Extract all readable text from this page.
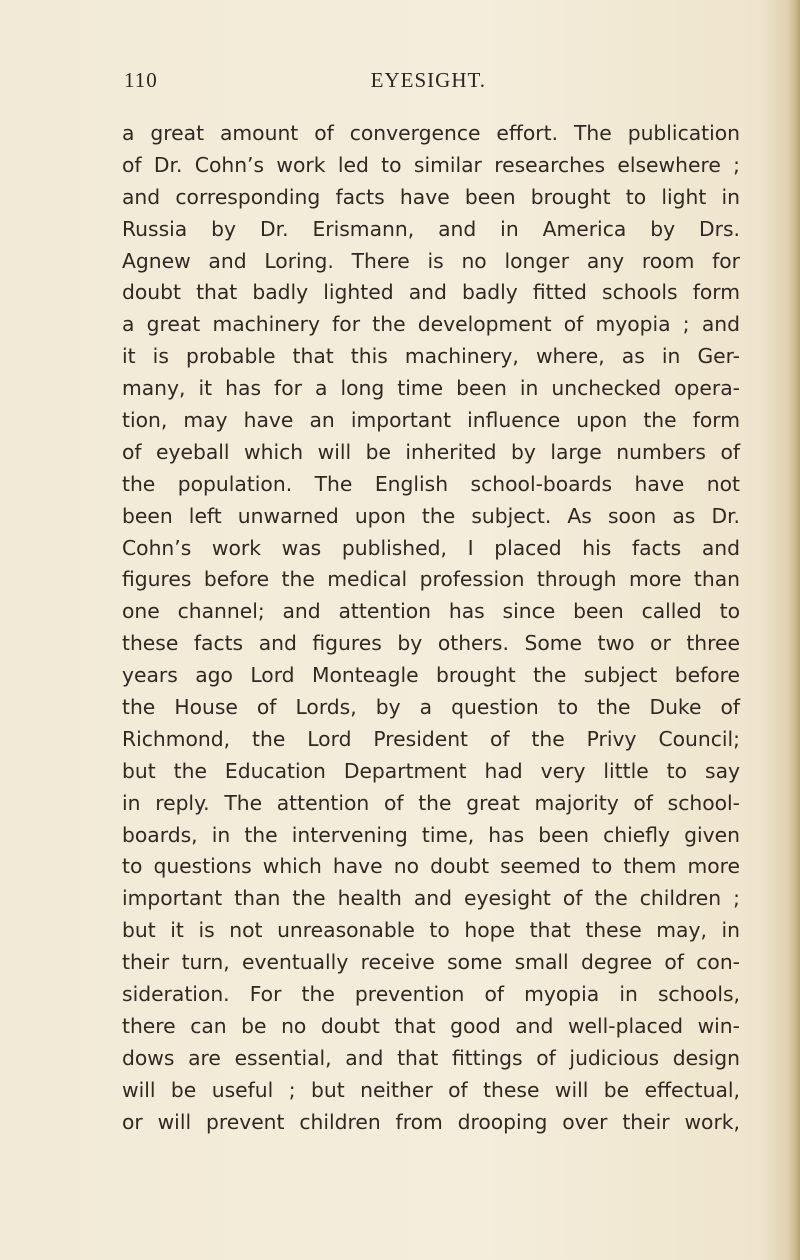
110	EYESIGHT.
a great amount of convergence effort. The publication
of Dr. Cohn’s work led to similar researches elsewhere ;
and corresponding facts have been brought to light in
Russia by Dr. Erismann, and in America by Drs.
Agnew and Loring. There is no longer any room for
doubt that badly lighted and badly fitted schools form
a great machinery for the development of myopia ; and
it is probable that this machinery, where, as in Ger-
many, it has for a long time been in unchecked opera-
tion, may have an important influence upon the form
of eyeball which will be inherited by large numbers of
the population. The English school-boards have not
been left unwarned upon the subject. As soon as Dr.
Cohn’s work was published, I placed his facts and
figures before the medical profession through more than
one channel; and attention has since been called to
these facts and figures by others. Some two or three
years ago Lord Monteagle brought the subject before
the House of Lords, by a question to the Duke of
Richmond, the Lord President of the Privy Council;
but the Education Department had very little to say
in reply. The attention of the great majority of school-
boards, in the intervening time, has been chiefly given
to questions which have no doubt seemed to them more
important than the health and eyesight of the children ;
but it is not unreasonable to hope that these may, in
their turn, eventually receive some small degree of con-
sideration. For the prevention of myopia in schools,
there can be no doubt that good and well-placed win-
dows are essential, and that fittings of judicious design
will be useful ; but neither of these will be effectual,
or will prevent children from drooping over their work,
